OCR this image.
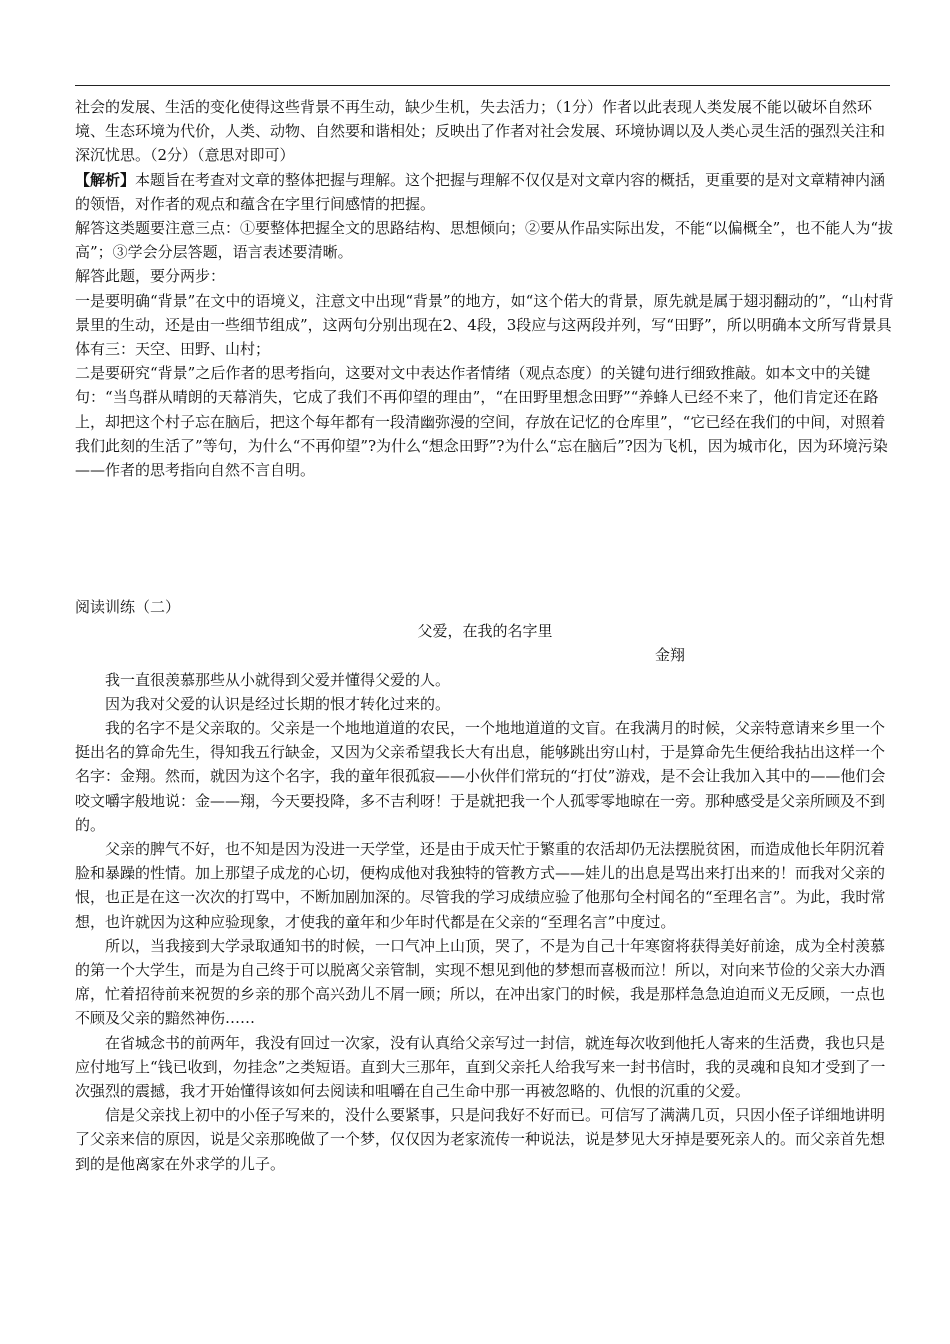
社会的发展、生活的变化使得这些背景不再生动，缺少生机，失去活力；（1分）作者以此表现人类发展不能以破坏自然环境、生态环境为代价，人类、动物、自然要和谐相处；反映出了作者对社会发展、环境协调以及人类心灵生活的强烈关注和深沉忧思。（2分）（意思对即可）

【解析】本题旨在考查对文章的整体把握与理解。这个把握与理解不仅仅是对文章内容的概括，更重要的是对文章精神内涵的领悟，对作者的观点和蕴含在字里行间感情的把握。

解答这类题要注意三点：①要整体把握全文的思路结构、思想倾向；②要从作品实际出发，不能“以偏概全”，也不能人为“拔高”；③学会分层答题，语言表述要清晰。

解答此题，要分两步：

一是要明确“背景”在文中的语境义，注意文中出现“背景”的地方，如“这个偌大的背景，原先就是属于翅羽翻动的”，“山村背景里的生动，还是由一些细节组成”，这两句分别出现在2、4段，3段应与这两段并列，写“田野”，所以明确本文所写背景具体有三：天空、田野、山村；

二是要研究“背景”之后作者的思考指向，这要对文中表达作者情绪（观点态度）的关键句进行细致推敲。如本文中的关键句：“当鸟群从晴朗的天幕消失，它成了我们不再仰望的理由”，“在田野里想念田野”“养蜂人已经不来了，他们肯定还在路上，却把这个村子忘在脑后，把这个每年都有一段清幽弥漫的空间，存放在记忆的仓库里”，“它已经在我们的中间，对照着我们此刻的生活了”等句，为什么“不再仰望”?为什么“想念田野”?为什么“忘在脑后”?因为飞机，因为城市化，因为环境污染——作者的思考指向自然不言自明。

阅读训练（二）

父爱，在我的名字里

金翔

我一直很羡慕那些从小就得到父爱并懂得父爱的人。

因为我对父爱的认识是经过长期的恨才转化过来的。

我的名字不是父亲取的。父亲是一个地地道道的农民，一个地地道道的文盲。在我满月的时候，父亲特意请来乡里一个挺出名的算命先生，得知我五行缺金，又因为父亲希望我长大有出息，能够跳出穷山村，于是算命先生便给我拈出这样一个名字：金翔。然而，就因为这个名字，我的童年很孤寂——小伙伴们常玩的“打仗”游戏，是不会让我加入其中的——他们会咬文嚼字般地说：金——翔，今天要投降，多不吉利呀！于是就把我一个人孤零零地晾在一旁。那种感受是父亲所顾及不到的。

父亲的脾气不好，也不知是因为没进一天学堂，还是由于成天忙于繁重的农活却仍无法摆脱贫困，而造成他长年阴沉着脸和暴躁的性情。加上那望子成龙的心切，便构成他对我独特的管教方式——娃儿的出息是骂出来打出来的！而我对父亲的恨，也正是在这一次次的打骂中，不断加剧加深的。尽管我的学习成绩应验了他那句全村闻名的“至理名言”。为此，我时常想，也许就因为这种应验现象，才使我的童年和少年时代都是在父亲的“至理名言”中度过。

所以，当我接到大学录取通知书的时候，一口气冲上山顶，哭了，不是为自己十年寒窗将获得美好前途，成为全村羡慕的第一个大学生，而是为自己终于可以脱离父亲管制，实现不想见到他的梦想而喜极而泣！所以，对向来节俭的父亲大办酒席，忙着招待前来祝贺的乡亲的那个高兴劲儿不屑一顾；所以，在冲出家门的时候，我是那样急急迫迫而义无反顾，一点也不顾及父亲的黯然神伤……

在省城念书的前两年，我没有回过一次家，没有认真给父亲写过一封信，就连每次收到他托人寄来的生活费，我也只是应付地写上“钱已收到，勿挂念”之类短语。直到大三那年，直到父亲托人给我写来一封书信时，我的灵魂和良知才受到了一次强烈的震撼，我才开始懂得该如何去阅读和咀嚼在自己生命中那一再被忽略的、仇恨的沉重的父爱。

信是父亲找上初中的小侄子写来的，没什么要紧事，只是问我好不好而已。可信写了满满几页，只因小侄子详细地讲明了父亲来信的原因，说是父亲那晚做了一个梦，仅仅因为老家流传一种说法，说是梦见大牙掉是要死亲人的。而父亲首先想到的是他离家在外求学的儿子。
